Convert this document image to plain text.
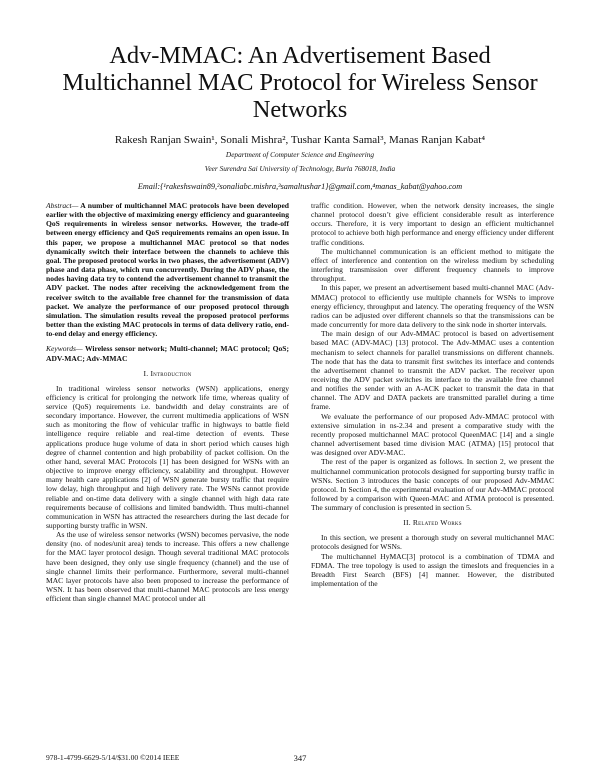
Adv-MMAC: An Advertisement Based Multichannel MAC Protocol for Wireless Sensor Networks
Rakesh Ranjan Swain¹, Sonali Mishra², Tushar Kanta Samal³, Manas Ranjan Kabat⁴
Department of Computer Science and Engineering
Veer Surendra Sai University of Technology, Burla 768018, India
Email:{¹rakeshswain89,²sonaliabc.mishra,³samaltushar1}@gmail.com,⁴manas_kabat@yahoo.com

Abstract— A number of multichannel MAC protocols have been developed earlier with the objective of maximizing energy efficiency and guaranteeing QoS requirements in wireless sensor networks. However, the trade-off between energy efficiency and QoS requirements remains an open issue. In this paper, we propose a multichannel MAC protocol so that nodes dynamically switch their interface between the channels to achieve this goal. The proposed protocol works in two phases, the advertisement (ADV) phase and data phase, which run concurrently. During the ADV phase, the nodes having data try to contend the advertisement channel to transmit the ADV packet. The nodes after receiving the acknowledgement from the receiver switch to the available free channel for the transmission of data packet. We analyze the performance of our proposed protocol through simulation. The simulation results reveal the proposed protocol performs better than the existing MAC protocols in terms of data delivery ratio, end-to-end delay and energy efficiency.

Keywords— Wireless sensor network; Multi-channel; MAC protocol; QoS; ADV-MAC; Adv-MMAC

I. Introduction

In traditional wireless sensor networks (WSN) applications, energy efficiency is critical for prolonging the network life time, whereas quality of service (QoS) requirements i.e. bandwidth and delay constraints are of secondary importance. However, the current multimedia applications of WSN such as monitoring the flow of vehicular traffic in highways to battle field intelligence require reliable and real-time detection of events. These applications produce huge volume of data in short period which causes high degree of channel contention and high probability of packet collision. On the other hand, several MAC Protocols [1] has been designed for WSNs with an objective to improve energy efficiency, scalability and throughput. However many health care applications [2] of WSN generate bursty traffic that require low delay, high throughput and high delivery rate. The WSNs cannot provide reliable and on-time data delivery with a single channel with high data rate requirements because of collisions and limited bandwidth. Thus multi-channel communication in WSN has attracted the researchers during the last decade for supporting bursty traffic in WSN.

As the use of wireless sensor networks (WSN) becomes pervasive, the node density (no. of nodes/unit area) tends to increase. This offers a new challenge for the MAC layer protocol design. Though several traditional MAC protocols have been designed, they only use single frequency (channel) and the use of single channel limits their performance. Furthermore, several multi-channel MAC layer protocols have also been proposed to increase the performance of WSN. It has been observed that multi-channel MAC protocols are less energy efficient than single channel MAC protocol under all

traffic condition. However, when the network density increases, the single channel protocol doesn’t give efficient considerable result as interference occurs. Therefore, it is very important to design an efficient multichannel protocol to achieve both high performance and energy efficiency under different traffic conditions.

The multichannel communication is an efficient method to mitigate the effect of interference and contention on the wireless medium by scheduling interfering transmission over different frequency channels to improve throughput.

In this paper, we present an advertisement based multi-channel MAC (Adv-MMAC) protocol to efficiently use multiple channels for WSNs to improve energy efficiency, throughput and latency. The operating frequency of the WSN radios can be adjusted over different channels so that the transmissions can be made concurrently for more data delivery to the sink node in shorter intervals.

The main design of our Adv-MMAC protocol is based on advertisement based MAC (ADV-MAC) [13] protocol. The Adv-MMAC uses a contention mechanism to select channels for parallel transmissions on different channels. The node that has the data to transmit first switches its interface and contends the advertisement channel to transmit the ADV packet. The receiver upon receiving the ADV packet switches its interface to the available free channel and notifies the sender with an A-ACK packet to transmit the data in that channel. The ADV and DATA packets are transmitted parallel during a time frame.

We evaluate the performance of our proposed Adv-MMAC protocol with extensive simulation in ns-2.34 and present a comparative study with the recently proposed multichannel MAC protocol QueenMAC [14] and a single channel advertisement based time division MAC (ATMA) [15] protocol that was designed over ADV-MAC.

The rest of the paper is organized as follows. In section 2, we present the multichannel communication protocols designed for supporting bursty traffic in WSNs. Section 3 introduces the basic concepts of our proposed Adv-MMAC protocol. In Section 4, the experimental evaluation of our Adv-MMAC protocol followed by a comparison with Queen-MAC and ATMA protocol is presented. The summary of conclusion is presented in section 5.

II. Related Works

In this section, we present a thorough study on several multichannel MAC protocols designed for WSNs.

The multichannel HyMAC[3] protocol is a combination of TDMA and FDMA. The tree topology is used to assign the timeslots and frequencies in a Breadth First Search (BFS) [4] manner. However, the distributed implementation of the

978-1-4799-6629-5/14/$31.00 ©2014 IEEE	347
